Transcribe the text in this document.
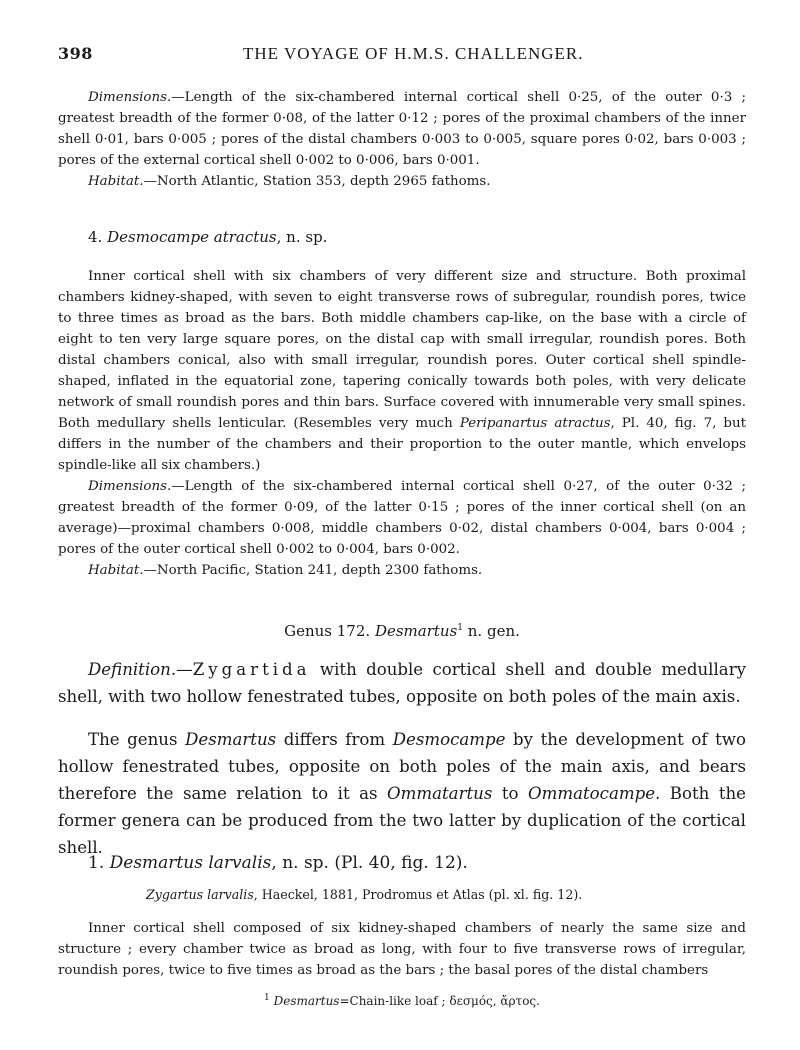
398	THE VOYAGE OF H.M.S. CHALLENGER.

Dimensions.—Length of the six-chambered internal cortical shell 0·25, of the outer 0·3 ; greatest breadth of the former 0·08, of the latter 0·12 ; pores of the proximal chambers of the inner shell 0·01, bars 0·005 ; pores of the distal chambers 0·003 to 0·005, square pores 0·02, bars 0·003 ; pores of the external cortical shell 0·002 to 0·006, bars 0·001.

Habitat.—North Atlantic, Station 353, depth 2965 fathoms.

4. Desmocampe atractus, n. sp.

Inner cortical shell with six chambers of very different size and structure. Both proximal chambers kidney-shaped, with seven to eight transverse rows of subregular, roundish pores, twice to three times as broad as the bars. Both middle chambers cap-like, on the base with a circle of eight to ten very large square pores, on the distal cap with small irregular, roundish pores. Both distal chambers conical, also with small irregular, roundish pores. Outer cortical shell spindle-shaped, inflated in the equatorial zone, tapering conically towards both poles, with very delicate network of small roundish pores and thin bars. Surface covered with innumerable very small spines. Both medullary shells lenticular. (Resembles very much Peripanartus atractus, Pl. 40, fig. 7, but differs in the number of the chambers and their proportion to the outer mantle, which envelops spindle-like all six chambers.)

Dimensions.—Length of the six-chambered internal cortical shell 0·27, of the outer 0·32 ; greatest breadth of the former 0·09, of the latter 0·15 ; pores of the inner cortical shell (on an average)—proximal chambers 0·008, middle chambers 0·02, distal chambers 0·004, bars 0·004 ; pores of the outer cortical shell 0·002 to 0·004, bars 0·002.

Habitat.—North Pacific, Station 241, depth 2300 fathoms.

Genus 172. Desmartus$^1$ n. gen.

Definition.—Zygartida with double cortical shell and double medullary shell, with two hollow fenestrated tubes, opposite on both poles of the main axis.

The genus Desmartus differs from Desmocampe by the development of two hollow fenestrated tubes, opposite on both poles of the main axis, and bears therefore the same relation to it as Ommatartus to Ommatocampe. Both the former genera can be produced from the two latter by duplication of the cortical shell.

1. Desmartus larvalis, n. sp. (Pl. 40, fig. 12).
Zygartus larvalis, Haeckel, 1881, Prodromus et Atlas (pl. xl. fig. 12).

Inner cortical shell composed of six kidney-shaped chambers of nearly the same size and structure ; every chamber twice as broad as long, with four to five transverse rows of irregular, roundish pores, twice to five times as broad as the bars ; the basal pores of the distal chambers

$^1$ Desmartus=Chain-like loaf ; δεσμός, ἄρτος.
